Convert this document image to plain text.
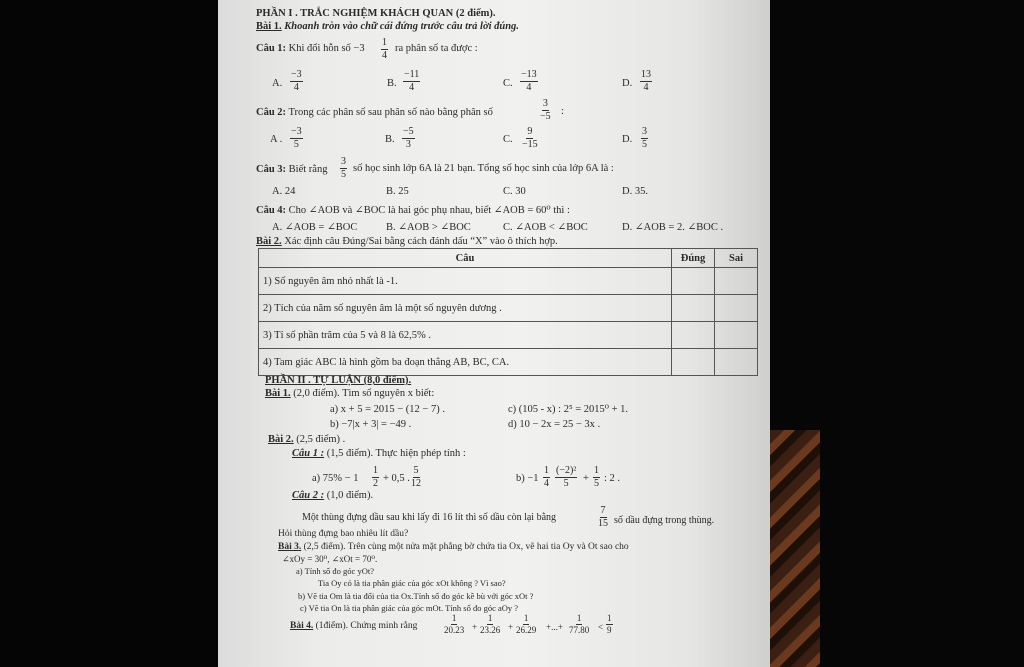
PHẦN I . TRẮC NGHIỆM KHÁCH QUAN (2 điểm).
Bài 1. Khoanh tròn vào chữ cái đứng trước câu trả lời đúng.
Câu 1: Khi đổi hỗn số $-3 \frac{1}{4}$ ra phân số ta được :
A. $\frac{-3}{4}$	B. $\frac{-11}{4}$	C. $\frac{-13}{4}$	D. $\frac{13}{4}$
Câu 2: Trong các phân số sau phân số nào bằng phân số	$\frac{3}{-5}$ :
A . $\frac{-3}{5}$	B. $\frac{-5}{3}$	C. $\frac{9}{-15}$	D. $\frac{3}{5}$
Câu 3: Biết rằng $\frac{3}{5}$ số học sinh lớp 6A là 21 bạn. Tổng số học sinh của lớp 6A là :
A. 24	B. 25	C. 30	D. 35.
Câu 4: Cho ∠AOB và ∠BOC là hai góc phụ nhau, biết ∠AOB = 60⁰ thì :
A. ∠AOB = ∠BOC	B. ∠AOB > ∠BOC	C. ∠AOB < ∠BOC	D. ∠AOB = 2. ∠BOC .
Bài 2. Xác định câu Đúng/Sai bằng cách đánh dấu “X” vào ô thích hợp.
Câu	Đúng	Sai
1) Số nguyên âm nhỏ nhất là -1.		
2) Tích của năm số nguyên âm là một số nguyên dương .		
3) Tỉ số phần trăm của 5 và 8 là 62,5% .		
4) Tam giác ABC là hình gồm ba đoạn thẳng AB, BC, CA.		
PHẦN II . TỰ LUẬN (8,0 điểm).
Bài 1. (2,0 điểm). Tìm số nguyên x biết:
a) x + 5 = 2015 − (12 − 7) .
b) −7|x + 3| = −49 .
c) (105 - x) : 2⁵ = 2015⁰ + 1.
d) 10 − 2x = 25 − 3x .
Bài 2. (2,5 điểm) .
Câu 1 : (1,5 điểm). Thực hiện phép tính :
a) $75\% - 1 \frac{1}{2} + 0,5$ . $\frac{5}{12}$	$b) -1 \frac{1}{4} \frac{\text{(−2)²}}{5} + \frac{1}{5}$ : 2 .
Câu 2 : (1,0 điểm).
Một thùng đựng dầu sau khi lấy đi 16 lít thì số dầu còn lại bằng	$\frac{7}{15}$ số dầu đựng trong thùng.
Hỏi thùng đựng bao nhiêu lít dầu?
Bài 3. (2,5 điểm). Trên cùng một nửa mặt phẳng bờ chứa tia Ox, vẽ hai tia Oy và Ot sao cho
∠xOy = 30⁰, ∠xOt = 70⁰.
a) Tính số đo góc yOt?
Tia Oy có là tia phân giác của góc xOt không ? Vì sao?
b) Vẽ tia Om là tia đối của tia Ox.Tính số đo góc kề bù với góc xOt ?
c) Vẽ tia On là tia phân giác của góc mOt. Tính số đo góc aOy ?
Bài 4. (1điểm). Chứng minh rằng	$\frac{1}{20.23} + \frac{1}{23.26} + \frac{1}{26.29}$ +...+ $\frac{1}{77.80} < \frac{1}{9}$
